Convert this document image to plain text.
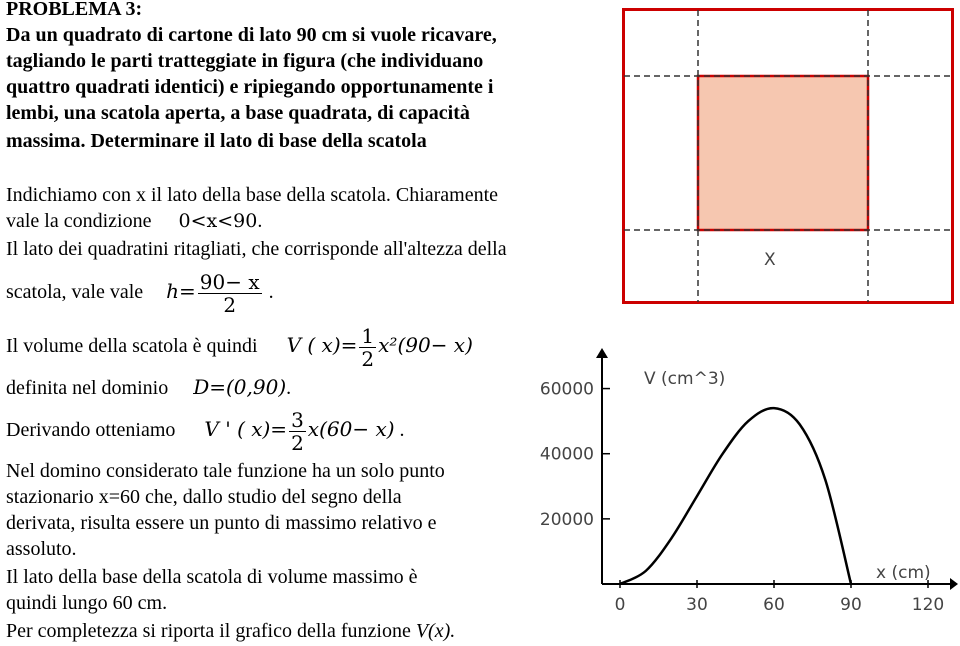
PROBLEMA 3:
Da un quadrato di cartone di lato 90 cm si vuole ricavare,
tagliando le parti tratteggiate in figura (che individuano
quattro quadrati identici) e ripiegando opportunamente i
lembi, una scatola aperta, a base quadrata, di capacità
massima. Determinare il lato di base della scatola
Indichiamo con x il lato della base della scatola. Chiaramente
vale la condizione 0<x<90.
Il lato dei quadratini ritagliati, che corrisponde all'altezza della
scatola, vale vale $h= \frac{90- x}{2}$ .
Il volume della scatola è quindi V ( $x)= \frac{1}{2} x^2(90- x)$
definita nel dominio D=(0,90).
Derivando otteniamo V ' ( $x)= \frac{3}{2} x(60- x)$ .
Nel domino considerato tale funzione ha un solo punto
stazionario x=60 che, dallo studio del segno della
derivata, risulta essere un punto di massimo relativo e
assoluto.
Il lato della base della scatola di volume massimo è
quindi lungo 60 cm.
Per completezza si riporta il grafico della funzione V(x).
X
0	30	60	90	120
20000
40000
60000
V (cm^3)
x (cm)
